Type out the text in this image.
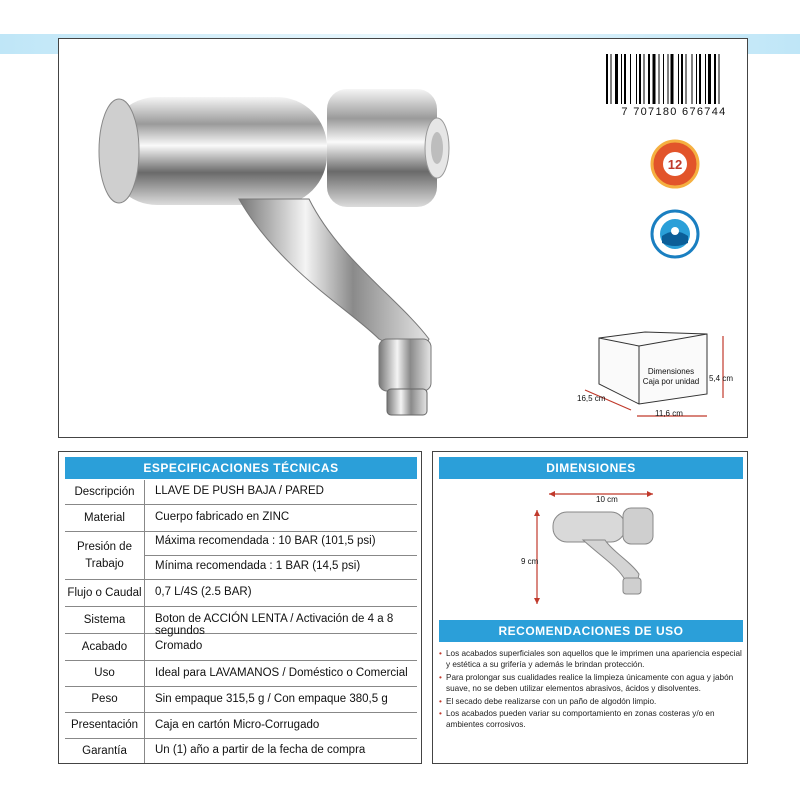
12
7 707180 676744
Dimensiones
Caja por unidad
16,5 cm
11,6 cm
5,4 cm
ESPECIFICACIONES TÉCNICAS
Descripción	LLAVE DE PUSH BAJA / PARED
Material	Cuerpo fabricado en ZINC
Presión de Trabajo
Máxima recomendada : 10 BAR (101,5 psi)
Mínima recomendada : 1 BAR (14,5 psi)
Flujo o Caudal 0,7 L/4S (2.5 BAR)
Sistema	Boton de ACCIÓN LENTA / Activación de 4 a 8 segundos
Acabado	Cromado
Uso	Ideal para LAVAMANOS / Doméstico o Comercial
Peso	Sin empaque 315,5 g / Con empaque 380,5 g
Presentación	Caja en cartón Micro-Corrugado
Garantía	Un (1) año a partir de la fecha de compra
DIMENSIONES
10 cm
9 cm
RECOMENDACIONES DE USO
• Los acabados superficiales son aquellos que le imprimen una apariencia especial y estética a su grifería y además le brindan protección.
• Para prolongar sus cualidades realice la limpieza únicamente con agua y jabón suave, no se deben utilizar elementos abrasivos, ácidos y disolventes.
• El secado debe realizarse con un paño de algodón limpio.
• Los acabados pueden variar su comportamiento en zonas costeras y/o en ambientes corrosivos.
